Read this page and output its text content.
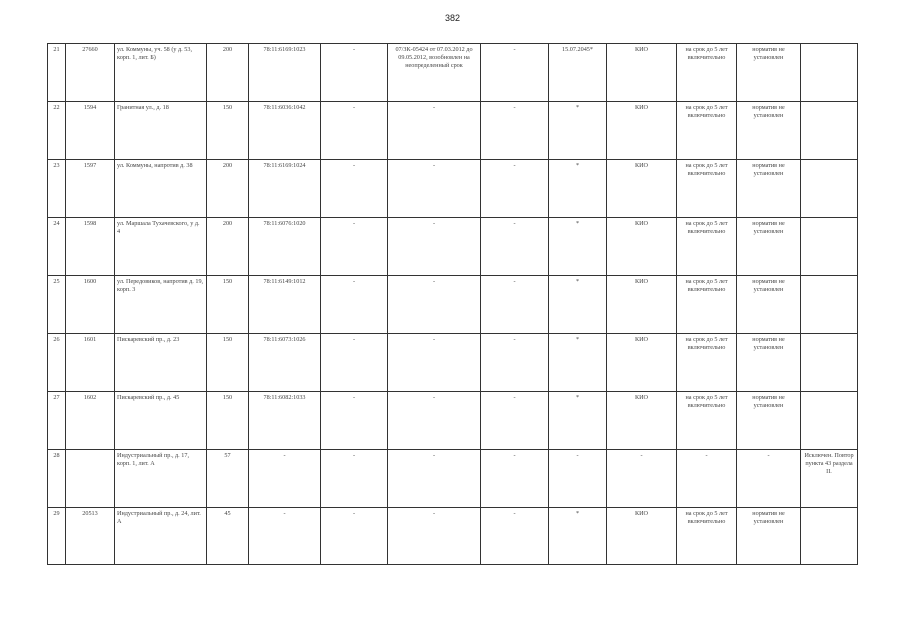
382
21	27660	ул. Коммуны, уч. 58 (у д. 53, корп. 1, лит. Б)	200	78:11:6169:1023	-	07/ЗК-05424 от 07.03.2012 до 09.05.2012, возобновлен на неопределенный срок	-	15.07.2045*	КИО	на срок до 5 лет включительно	норматив не установлен	
22	1594	Гранитная ул., д. 18	150	78:11:6036:1042	-	-	-	*	КИО	на срок до 5 лет включительно	норматив не установлен	
23	1597	ул. Коммуны, напротив д. 38	200	78:11:6169:1024	-	-	-	*	КИО	на срок до 5 лет включительно	норматив не установлен	
24	1598	ул. Маршала Тухачевского, у д. 4	200	78:11:6076:1020	-	-	-	*	КИО	на срок до 5 лет включительно	норматив не установлен	
25	1600	ул. Передовиков, напротив д. 19, корп. 3	150	78:11:6149:1012	-	-	-	*	КИО	на срок до 5 лет включительно	норматив не установлен	
26	1601	Пискаревский пр., д. 23	150	78:11:6073:1026	-	-	-	*	КИО	на срок до 5 лет включительно	норматив не установлен	
27	1602	Пискаревский пр., д. 45	150	78:11:6082:1033	-	-	-	*	КИО	на срок до 5 лет включительно	норматив не установлен	
28		Индустриальный пр., д. 17, корп. 1, лит. А	57	-	-	-	-	-	-	-	-	Исключен. Повтор пункта 43 раздела II.
29	20513	Индустриальный пр., д. 24, лит. А	45	-	-	-	-	*	КИО	на срок до 5 лет включительно	норматив не установлен	
